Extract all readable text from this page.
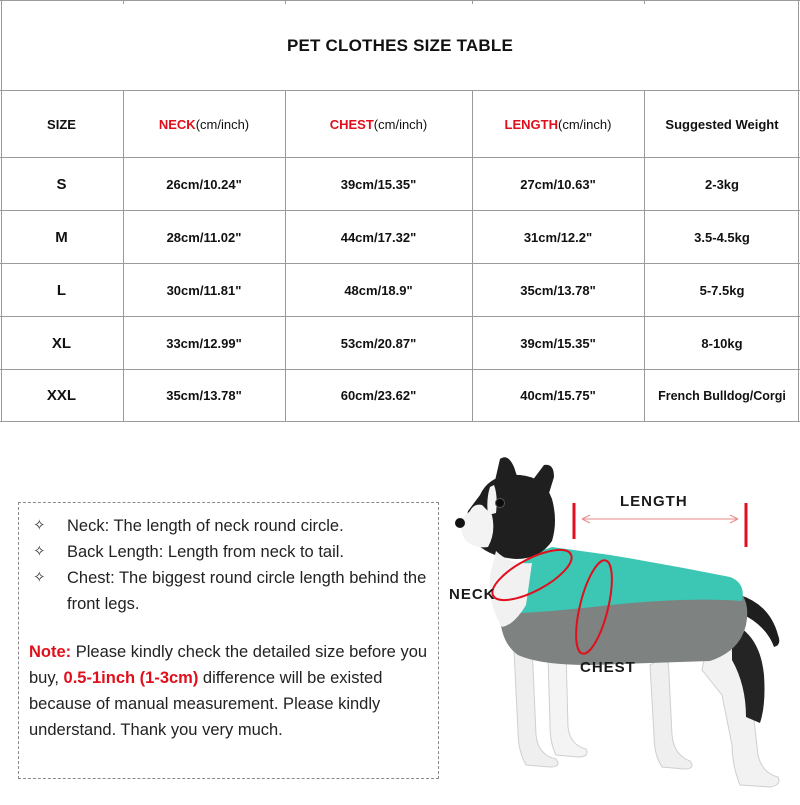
PET CLOTHES SIZE TABLE
SIZE	NECK (cm/inch)	CHEST (cm/inch)	LENGTH (cm/inch)	Suggested Weight
S	26cm/10.24"	39cm/15.35"	27cm/10.63"	2-3kg
M	28cm/11.02"	44cm/17.32"	31cm/12.2"	3.5-4.5kg
L	30cm/11.81"	48cm/18.9"	35cm/13.78"	5-7.5kg
XL	33cm/12.99"	53cm/20.87"	39cm/15.35"	8-10kg
XXL	35cm/13.78"	60cm/23.62"	40cm/15.75"	French Bulldog/Corgi
✧	Neck: The length of neck round circle.
✧	Back Length: Length from neck to tail.
✧	Chest: The biggest round circle length behind the front legs.
Note: Please kindly check the detailed size before you buy, 0.5-1inch (1-3cm) difference will be existed because of manual measurement. Please kindly understand. Thank you very much.
LENGTH
NECK
CHEST
